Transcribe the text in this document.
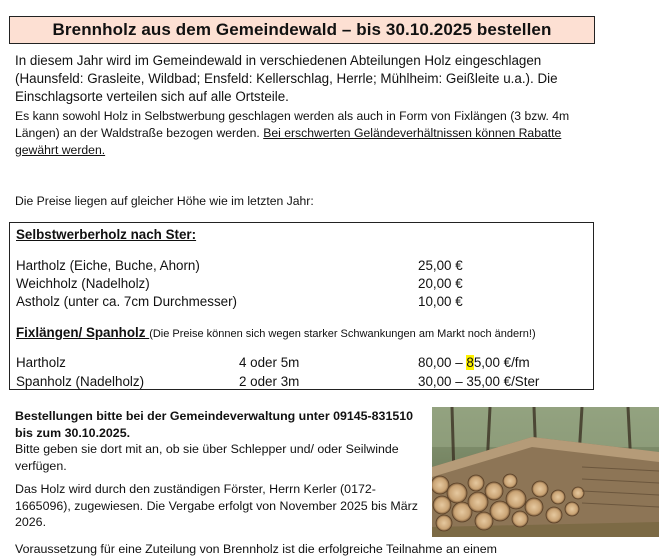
Brennholz aus dem Gemeindewald – bis 30.10.2025 bestellen
In diesem Jahr wird im Gemeindewald in verschiedenen Abteilungen Holz eingeschlagen (Haunsfeld: Grasleite, Wildbad; Ensfeld: Kellerschlag, Herrle; Mühlheim: Geißleite u.a.). Die Einschlagsorte verteilen sich auf alle Ortsteile.
Es kann sowohl Holz in Selbstwerbung geschlagen werden als auch in Form von Fixlängen (3 bzw. 4m Längen) an der Waldstraße bezogen werden. Bei erschwerten Geländeverhältnissen können Rabatte gewährt werden.
Die Preise liegen auf gleicher Höhe wie im letzten Jahr:
Selbstwerberholz nach Ster:
Hartholz (Eiche, Buche, Ahorn)	25,00 €
Weichholz (Nadelholz)	20,00 €
Astholz (unter ca. 7cm Durchmesser)	10,00 €
Fixlängen/ Spanholz (Die Preise können sich wegen starker Schwankungen am Markt noch ändern!)
Hartholz	4 oder 5m	80,00 – 85,00 €/fm
Spanholz (Nadelholz)	2 oder 3m	30,00 – 35,00 €/Ster

Bestellungen bitte bei der Gemeindeverwaltung unter 09145-831510 bis zum 30.10.2025.
Bitte geben sie dort mit an, ob sie über Schlepper und/ oder Seilwinde verfügen.

Das Holz wird durch den zuständigen Förster, Herrn Kerler (0172-1665096), zugewiesen. Die Vergabe erfolgt von November 2025 bis März 2026.

Voraussetzung für eine Zuteilung von Brennholz ist die erfolgreiche Teilnahme an einem
